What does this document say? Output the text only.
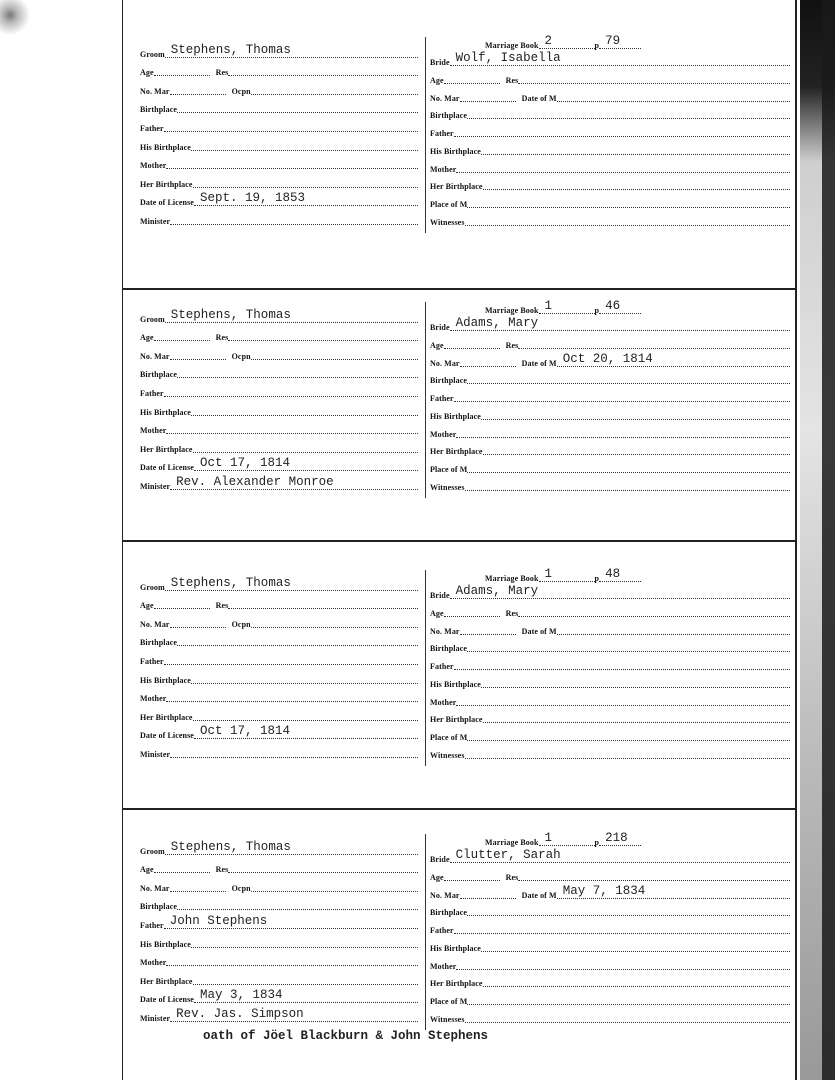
Groom Stephens, Thomas
Age	Res
No. Mar	Ocpn
Birthplace
Father
His Birthplace
Mother
Her Birthplace
Date of License Sept. 19, 1853
Minister
Marriage Book 2	p 79
Bride Wolf, Isabella
Age	Res
No. Mar	Date of M
Birthplace
Father
His Birthplace
Mother
Her Birthplace
Place of M
Witnesses
Groom Stephens, Thomas
Age	Res
No. Mar	Ocpn
Birthplace
Father
His Birthplace
Mother
Her Birthplace
Date of License Oct 17, 1814
Minister Rev. Alexander Monroe
Marriage Book 1	p 46
Bride Adams, Mary
Age	Res
No. Mar	Date of M Oct 20, 1814
Birthplace
Father
His Birthplace
Mother
Her Birthplace
Place of M
Witnesses
Groom Stephens, Thomas
Age	Res
No. Mar	Ocpn
Birthplace
Father
His Birthplace
Mother
Her Birthplace
Date of License Oct 17, 1814
Minister
Marriage Book 1	p 48
Bride Adams, Mary
Age	Res
No. Mar	Date of M
Birthplace
Father
His Birthplace
Mother
Her Birthplace
Place of M
Witnesses
Groom Stephens, Thomas
Age	Res
No. Mar	Ocpn
Birthplace
Father John Stephens
His Birthplace
Mother
Her Birthplace
Date of License May 3, 1834
Minister Rev. Jas. Simpson
Marriage Book 1	p 218
Bride Clutter, Sarah
Age	Res
No. Mar	Date of M May 7, 1834
Birthplace
Father
His Birthplace
Mother
Her Birthplace
Place of M
Witnesses
oath of Jöel Blackburn & John Stephens
